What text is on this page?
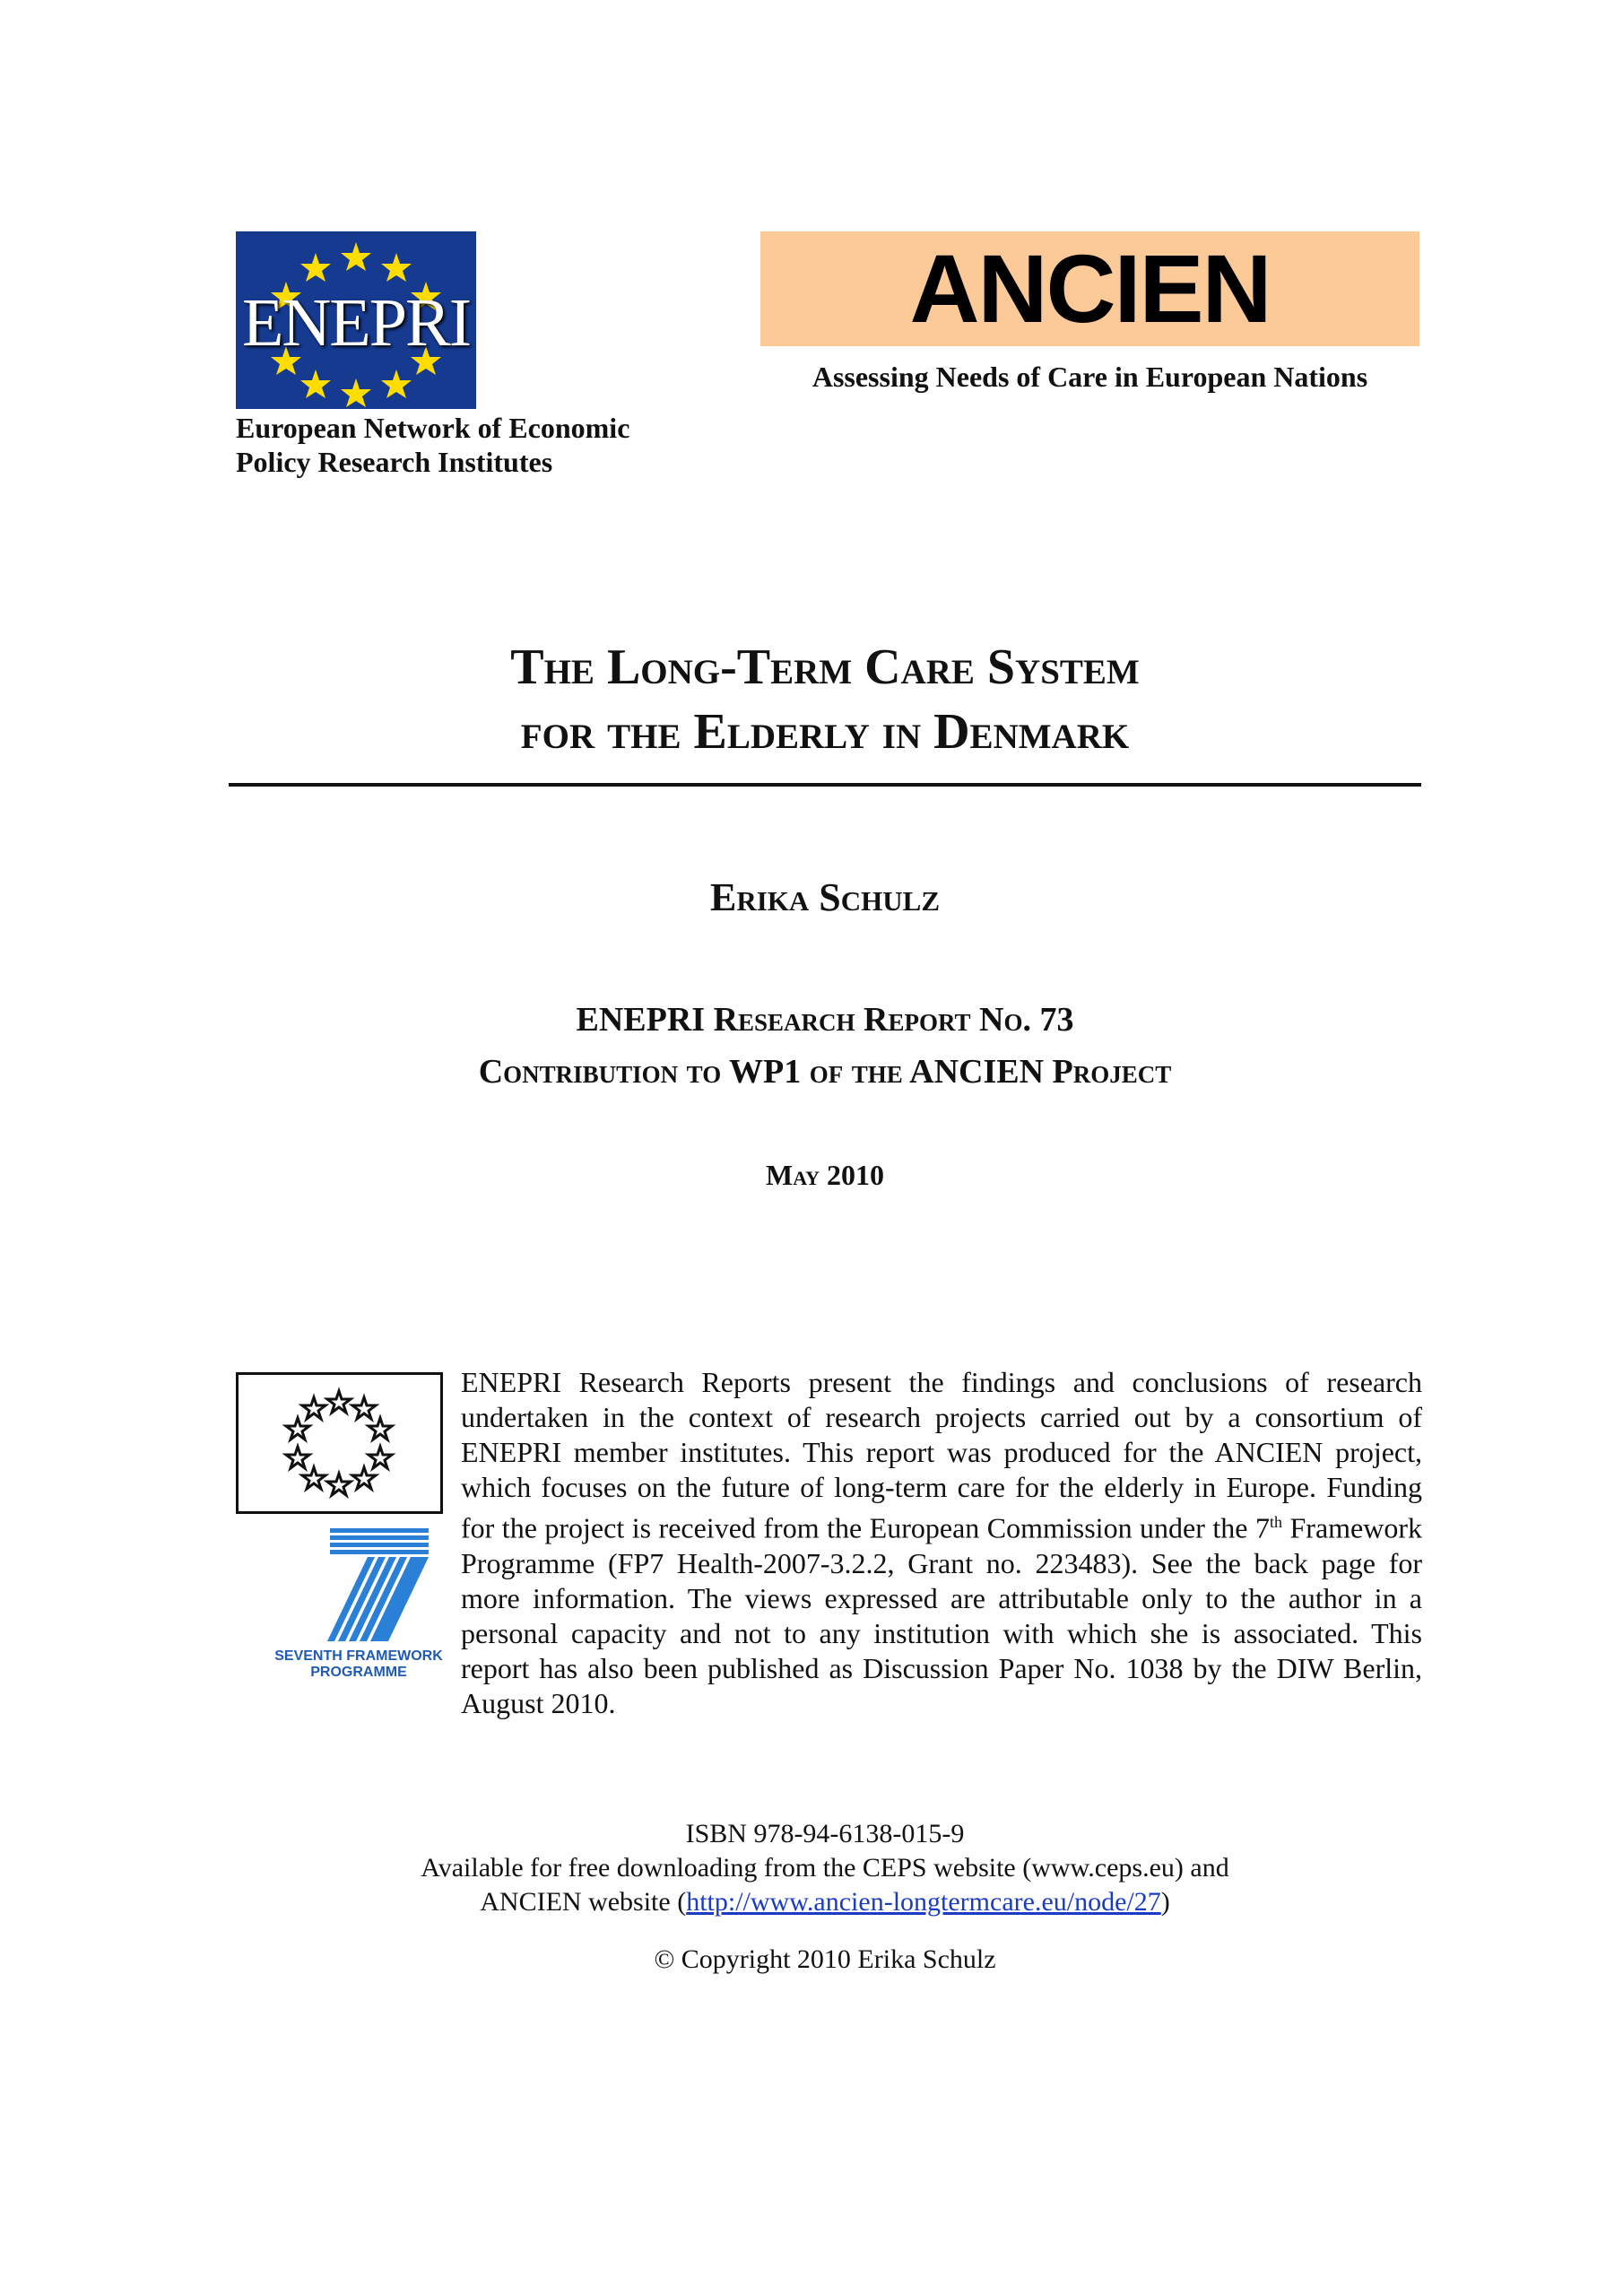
ENEPRI
European Network of Economic
Policy Research Institutes
ANCIEN
Assessing Needs of Care in European Nations
The Long-Term Care System
for the Elderly in Denmark
Erika Schulz
ENEPRI Research Report No. 73
Contribution to WP1 of the ANCIEN Project
May 2010
SEVENTH FRAMEWORK
PROGRAMME
ENEPRI Research Reports present the findings and conclusions of research undertaken in the context of research projects carried out by a consortium of ENEPRI member institutes. This report was produced for the ANCIEN project, which focuses on the future of long-term care for the elderly in Europe. Funding for the project is received from the European Commission under the 7th Framework Programme (FP7 Health-2007-3.2.2, Grant no. 223483). See the back page for more information. The views expressed are attributable only to the author in a personal capacity and not to any institution with which she is associated. This report has also been published as Discussion Paper No. 1038 by the DIW Berlin, August 2010.
ISBN 978-94-6138-015-9
Available for free downloading from the CEPS website (www.ceps.eu) and
ANCIEN website (http://www.ancien-longtermcare.eu/node/27)
© Copyright 2010 Erika Schulz
